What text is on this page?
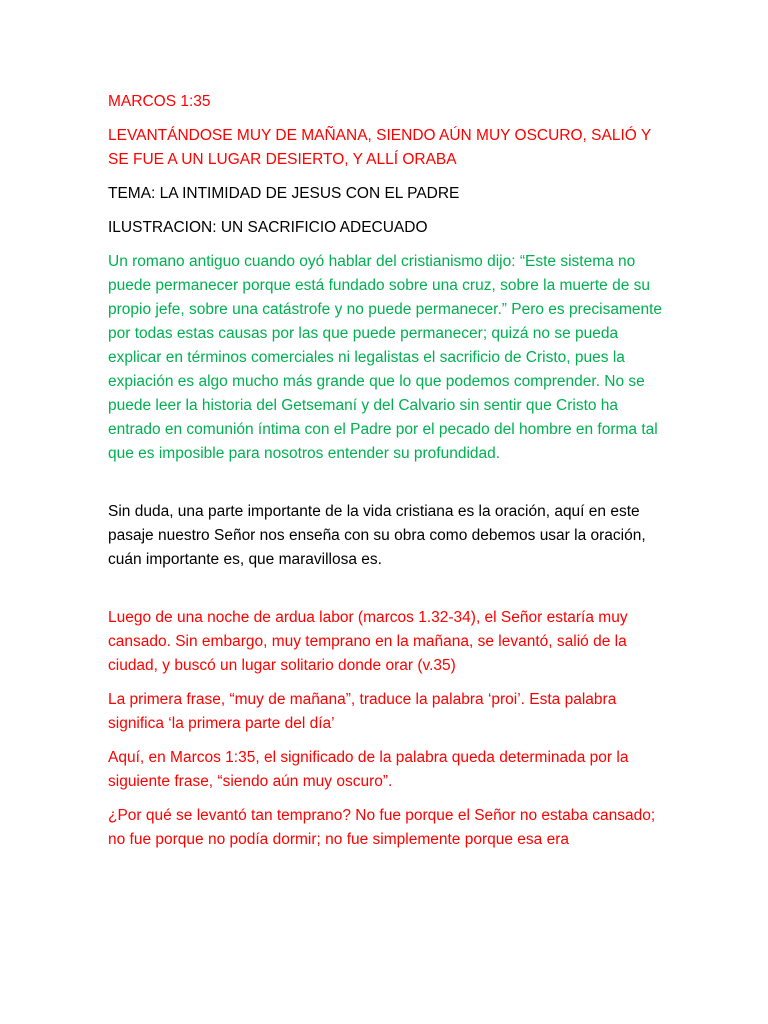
MARCOS 1:35

LEVANTÁNDOSE MUY DE MAÑANA, SIENDO AÚN MUY OSCURO, SALIÓ Y SE FUE A UN LUGAR DESIERTO, Y ALLÍ ORABA

TEMA: LA INTIMIDAD DE JESUS CON EL PADRE

ILUSTRACION: UN SACRIFICIO ADECUADO

Un romano antiguo cuando oyó hablar del cristianismo dijo: “Este sistema no puede permanecer porque está fundado sobre una cruz, sobre la muerte de su propio jefe, sobre una catástrofe y no puede permanecer.” Pero es precisamente por todas estas causas por las que puede permanecer; quizá no se pueda explicar en términos comerciales ni legalistas el sacrificio de Cristo, pues la expiación es algo mucho más grande que lo que podemos comprender. No se puede leer la historia del Getsemaní y del Calvario sin sentir que Cristo ha entrado en comunión íntima con el Padre por el pecado del hombre en forma tal que es imposible para nosotros entender su profundidad.

Sin duda, una parte importante de la vida cristiana es la oración, aquí en este pasaje nuestro Señor nos enseña con su obra como debemos usar la oración, cuán importante es, que maravillosa es.

Luego de una noche de ardua labor (marcos 1.32-34), el Señor estaría muy cansado. Sin embargo, muy temprano en la mañana, se levantó, salió de la ciudad, y buscó un lugar solitario donde orar (v.35)

La primera frase, “muy de mañana”, traduce la palabra ‘proi’. Esta palabra significa ‘la primera parte del día’

Aquí, en Marcos 1:35, el significado de la palabra queda determinada por la siguiente frase, “siendo aún muy oscuro”.

¿Por qué se levantó tan temprano? No fue porque el Señor no estaba cansado; no fue porque no podía dormir; no fue simplemente porque esa era
